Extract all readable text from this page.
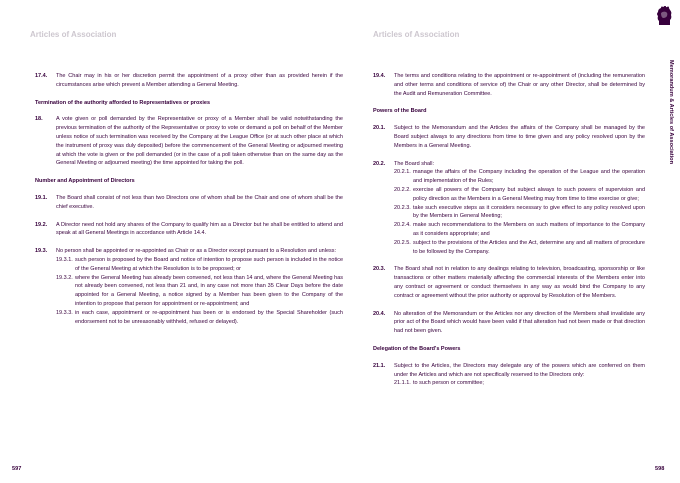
Articles of Association	Articles of Association
17.4. The Chair may in his or her discretion permit the appointment of a proxy other than as provided herein if the circumstances arise which prevent a Member attending a General Meeting.
Termination of the authority afforded to Representatives or proxies
18. A vote given or poll demanded by the Representative or proxy of a Member shall be valid notwithstanding the previous termination of the authority of the Representative or proxy to vote or demand a poll on behalf of the Member unless notice of such termination was received by the Company at the League Office (or at such other place at which the instrument of proxy was duly deposited) before the commencement of the General Meeting or adjourned meeting at which the vote is given or the poll demanded (or in the case of a poll taken otherwise than on the same day as the General Meeting or adjourned meeting) the time appointed for taking the poll.
Number and Appointment of Directors
19.1. The Board shall consist of not less than two Directors one of whom shall be the Chair and one of whom shall be the chief executive.
19.2. A Director need not hold any shares of the Company to qualify him as a Director but he shall be entitled to attend and speak at all General Meetings in accordance with Article 14.4.
19.3. No person shall be appointed or re-appointed as Chair or as a Director except pursuant to a Resolution and unless:
19.3.1. such person is proposed by the Board and notice of intention to propose such person is included in the notice of the General Meeting at which the Resolution is to be proposed; or
19.3.2. where the General Meeting has already been convened, not less than 14 and, where the General Meeting has not already been convened, not less than 21 and, in any case not more than 35 Clear Days before the date appointed for a General Meeting, a notice signed by a Member has been given to the Company of the intention to propose that person for appointment or re-appointment; and
19.3.3. in each case, appointment or re-appointment has been or is endorsed by the Special Shareholder (such endorsement not to be unreasonably withheld, refused or delayed).
19.4. The terms and conditions relating to the appointment or re-appointment of (including the remuneration and other terms and conditions of service of) the Chair or any other Director, shall be determined by the Audit and Remuneration Committee.
Powers of the Board
20.1. Subject to the Memorandum and the Articles the affairs of the Company shall be managed by the Board subject always to any directions from time to time given and any policy resolved upon by the Members in a General Meeting.
20.2. The Board shall:
20.2.1. manage the affairs of the Company including the operation of the League and the operation and implementation of the Rules;
20.2.2. exercise all powers of the Company but subject always to such powers of supervision and policy direction as the Members in a General Meeting may from time to time exercise or give;
20.2.3. take such executive steps as it considers necessary to give effect to any policy resolved upon by the Members in General Meeting;
20.2.4. make such recommendations to the Members on such matters of importance to the Company as it considers appropriate; and
20.2.5. subject to the provisions of the Articles and the Act, determine any and all matters of procedure to be followed by the Company.
20.3. The Board shall not in relation to any dealings relating to television, broadcasting, sponsorship or like transactions or other matters materially affecting the commercial interests of the Members enter into any contract or agreement or conduct themselves in any way as would bind the Company to any contract or agreement without the prior authority or approval by Resolution of the Members.
20.4. No alteration of the Memorandum or the Articles nor any direction of the Members shall invalidate any prior act of the Board which would have been valid if that alteration had not been made or that direction had not been given.
Delegation of the Board's Powers
21.1. Subject to the Articles, the Directors may delegate any of the powers which are conferred on them under the Articles and which are not specifically reserved to the Directors only:
21.1.1. to such person or committee;
Memorandum & Articles of Association
597	598
